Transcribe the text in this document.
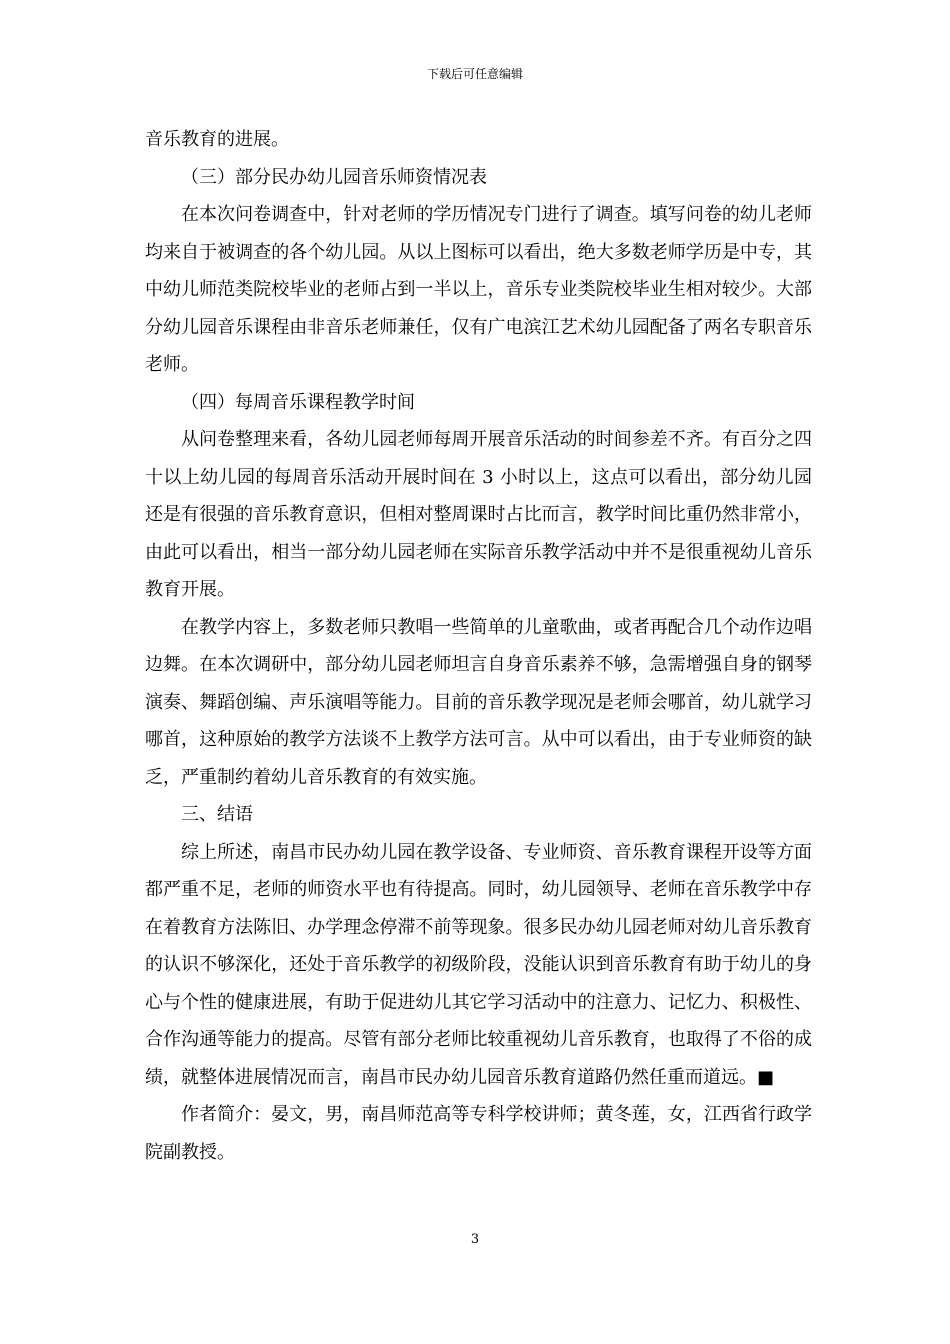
下载后可任意编辑

音乐教育的进展。

（三）部分民办幼儿园音乐师资情况表

在本次问卷调查中，针对老师的学历情况专门进行了调查。填写问卷的幼儿老师均来自于被调查的各个幼儿园。从以上图标可以看出，绝大多数老师学历是中专，其中幼儿师范类院校毕业的老师占到一半以上，音乐专业类院校毕业生相对较少。大部分幼儿园音乐课程由非音乐老师兼任，仅有广电滨江艺术幼儿园配备了两名专职音乐老师。

（四）每周音乐课程教学时间

从问卷整理来看，各幼儿园老师每周开展音乐活动的时间参差不齐。有百分之四十以上幼儿园的每周音乐活动开展时间在 3 小时以上，这点可以看出，部分幼儿园还是有很强的音乐教育意识，但相对整周课时占比而言，教学时间比重仍然非常小，由此可以看出，相当一部分幼儿园老师在实际音乐教学活动中并不是很重视幼儿音乐教育开展。

在教学内容上，多数老师只教唱一些简单的儿童歌曲，或者再配合几个动作边唱边舞。在本次调研中，部分幼儿园老师坦言自身音乐素养不够，急需增强自身的钢琴演奏、舞蹈创编、声乐演唱等能力。目前的音乐教学现况是老师会哪首，幼儿就学习哪首，这种原始的教学方法谈不上教学方法可言。从中可以看出，由于专业师资的缺乏，严重制约着幼儿音乐教育的有效实施。

三、结语

综上所述，南昌市民办幼儿园在教学设备、专业师资、音乐教育课程开设等方面都严重不足，老师的师资水平也有待提高。同时，幼儿园领导、老师在音乐教学中存在着教育方法陈旧、办学理念停滞不前等现象。很多民办幼儿园老师对幼儿音乐教育的认识不够深化，还处于音乐教学的初级阶段，没能认识到音乐教育有助于幼儿的身心与个性的健康进展，有助于促进幼儿其它学习活动中的注意力、记忆力、积极性、合作沟通等能力的提高。尽管有部分老师比较重视幼儿音乐教育，也取得了不俗的成绩，就整体进展情况而言，南昌市民办幼儿园音乐教育道路仍然任重而道远。■

作者简介：晏文，男，南昌师范高等专科学校讲师；黄冬莲，女，江西省行政学院副教授。

3
